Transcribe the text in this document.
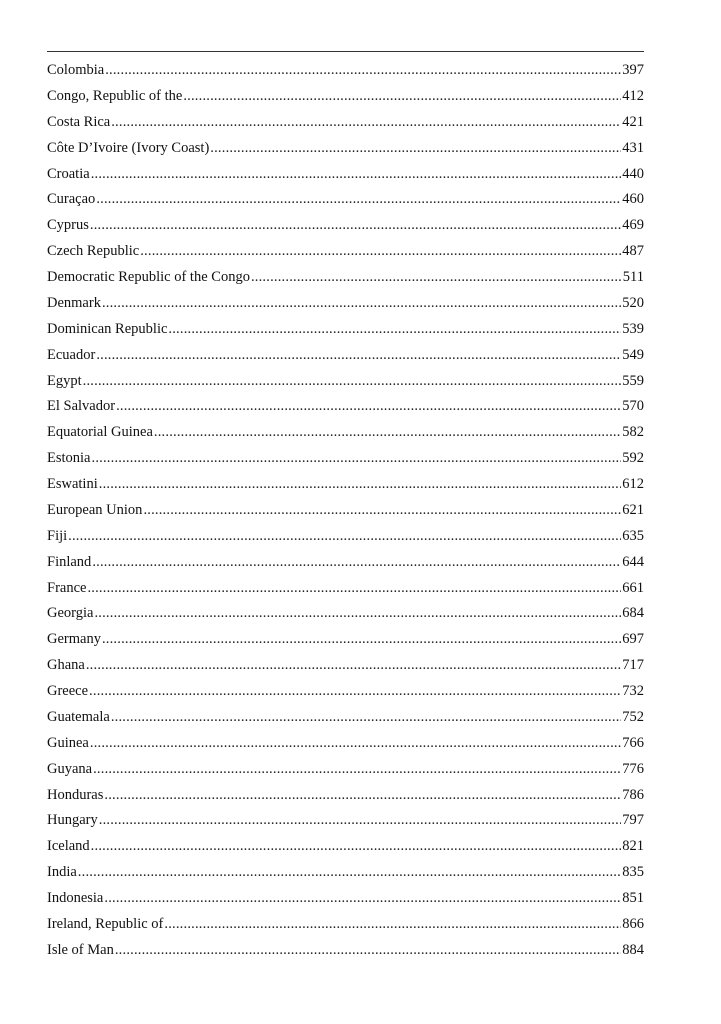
Colombia .....	397
Congo, Republic of the .....	412
Costa Rica .....	421
Côte D’Ivoire (Ivory Coast) .....	431
Croatia .....	440
Curaçao .....	460
Cyprus .....	469
Czech Republic .....	487
Democratic Republic of the Congo .....	511
Denmark .....	520
Dominican Republic .....	539
Ecuador .....	549
Egypt .....	559
El Salvador .....	570
Equatorial Guinea .....	582
Estonia .....	592
Eswatini .....	612
European Union .....	621
Fiji .....	635
Finland .....	644
France .....	661
Georgia .....	684
Germany .....	697
Ghana .....	717
Greece .....	732
Guatemala .....	752
Guinea .....	766
Guyana .....	776
Honduras .....	786
Hungary .....	797
Iceland .....	821
India .....	835
Indonesia .....	851
Ireland, Republic of .....	866
Isle of Man .....	884
